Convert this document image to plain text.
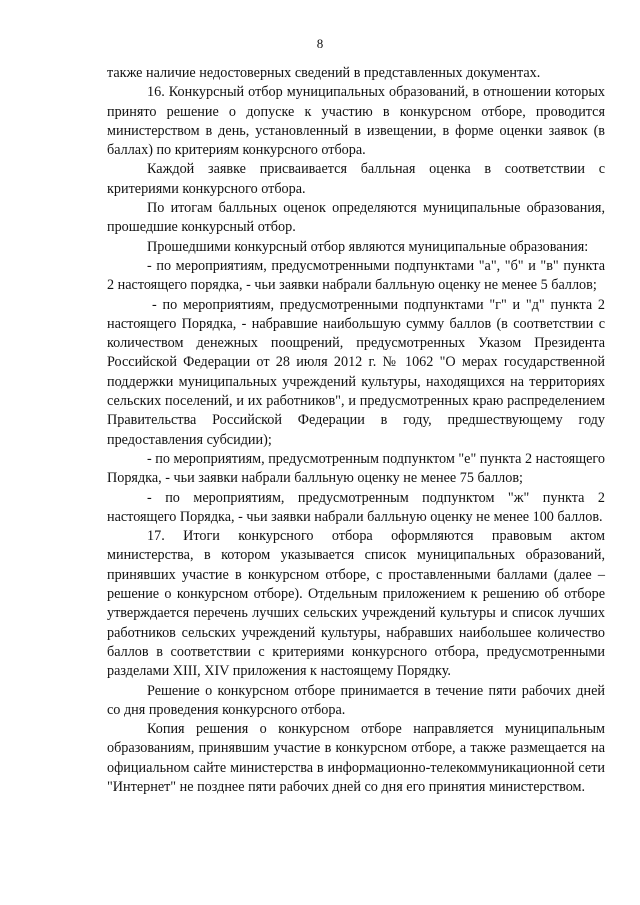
8

также наличие недостоверных сведений в представленных документах.

16. Конкурсный отбор муниципальных образований, в отношении которых принято решение о допуске к участию в конкурсном отборе, проводится министерством в день, установленный в извещении, в форме оценки заявок (в баллах) по критериям конкурсного отбора.

Каждой заявке присваивается балльная оценка в соответствии с критериями конкурсного отбора.

По итогам балльных оценок определяются муниципальные образования, прошедшие конкурсный отбор.

Прошедшими конкурсный отбор являются муниципальные образования:

- по мероприятиям, предусмотренными подпунктами "а", "б" и "в" пункта 2 настоящего порядка, - чьи заявки набрали балльную оценку не менее 5 баллов;

- по мероприятиям, предусмотренными подпунктами "г" и "д" пункта 2 настоящего Порядка, - набравшие наибольшую сумму баллов (в соответствии с количеством денежных поощрений, предусмотренных Указом Президента Российской Федерации от 28 июля 2012 г. № 1062 "О мерах государственной поддержки муниципальных учреждений культуры, находящихся на территориях сельских поселений, и их работников", и предусмотренных краю распределением Правительства Российской Федерации в году, предшествующему году предоставления субсидии);

- по мероприятиям, предусмотренным подпунктом "е" пункта 2 настоящего Порядка, - чьи заявки набрали балльную оценку не менее 75 баллов;

- по мероприятиям, предусмотренным подпунктом "ж" пункта 2 настоящего Порядка, - чьи заявки набрали балльную оценку не менее 100 баллов.

17. Итоги конкурсного отбора оформляются правовым актом министерства, в котором указывается список муниципальных образований, принявших участие в конкурсном отборе, с проставленными баллами (далее – решение о конкурсном отборе). Отдельным приложением к решению об отборе утверждается перечень лучших сельских учреждений культуры и список лучших работников сельских учреждений культуры, набравших наибольшее количество баллов в соответствии с критериями конкурсного отбора, предусмотренными разделами XIII, XIV приложения к настоящему Порядку.

Решение о конкурсном отборе принимается в течение пяти рабочих дней со дня проведения конкурсного отбора.

Копия решения о конкурсном отборе направляется муниципальным образованиям, принявшим участие в конкурсном отборе, а также размещается на официальном сайте министерства в информационно-телекоммуникационной сети "Интернет" не позднее пяти рабочих дней со дня его принятия министерством.
